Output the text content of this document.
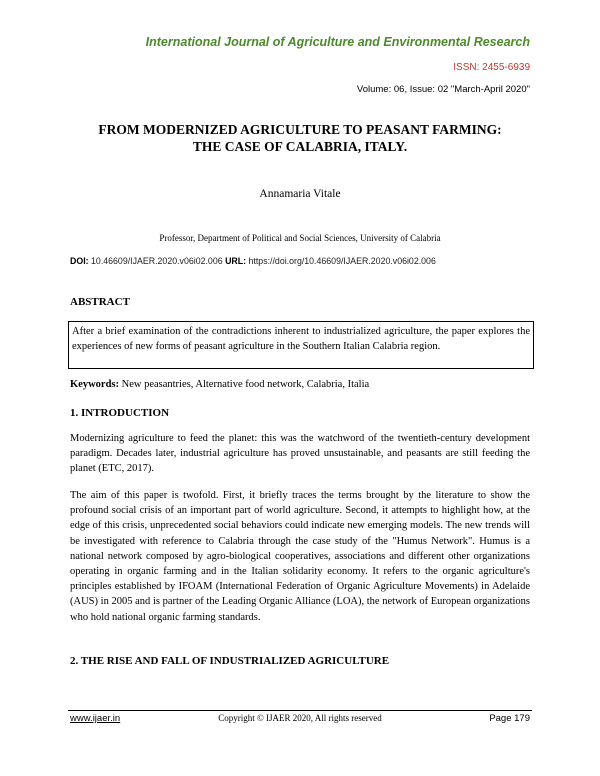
International Journal of Agriculture and Environmental Research
ISSN: 2455-6939
Volume: 06, Issue: 02 "March-April 2020"
FROM MODERNIZED AGRICULTURE TO PEASANT FARMING:
THE CASE OF CALABRIA, ITALY.
Annamaria Vitale
Professor, Department of Political and Social Sciences, University of Calabria
DOI: 10.46609/IJAER.2020.v06i02.006 URL: https://doi.org/10.46609/IJAER.2020.v06i02.006
ABSTRACT
After a brief examination of the contradictions inherent to industrialized agriculture, the paper explores the experiences of new forms of peasant agriculture in the Southern Italian Calabria region.
Keywords: New peasantries, Alternative food network, Calabria, Italia
1. INTRODUCTION
Modernizing agriculture to feed the planet: this was the watchword of the twentieth-century development paradigm. Decades later, industrial agriculture has proved unsustainable, and peasants are still feeding the planet (ETC, 2017).
The aim of this paper is twofold. First, it briefly traces the terms brought by the literature to show the profound social crisis of an important part of world agriculture. Second, it attempts to highlight how, at the edge of this crisis, unprecedented social behaviors could indicate new emerging models. The new trends will be investigated with reference to Calabria through the case study of the "Humus Network". Humus is a national network composed by agro-biological cooperatives, associations and different other organizations operating in organic farming and in the Italian solidarity economy. It refers to the organic agriculture's principles established by IFOAM (International Federation of Organic Agriculture Movements) in Adelaide (AUS) in 2005 and is partner of the Leading Organic Alliance (LOA), the network of European organizations who hold national organic farming standards.
2. THE RISE AND FALL OF INDUSTRIALIZED AGRICULTURE
www.ijaer.in	Copyright © IJAER 2020, All rights reserved	Page 179
